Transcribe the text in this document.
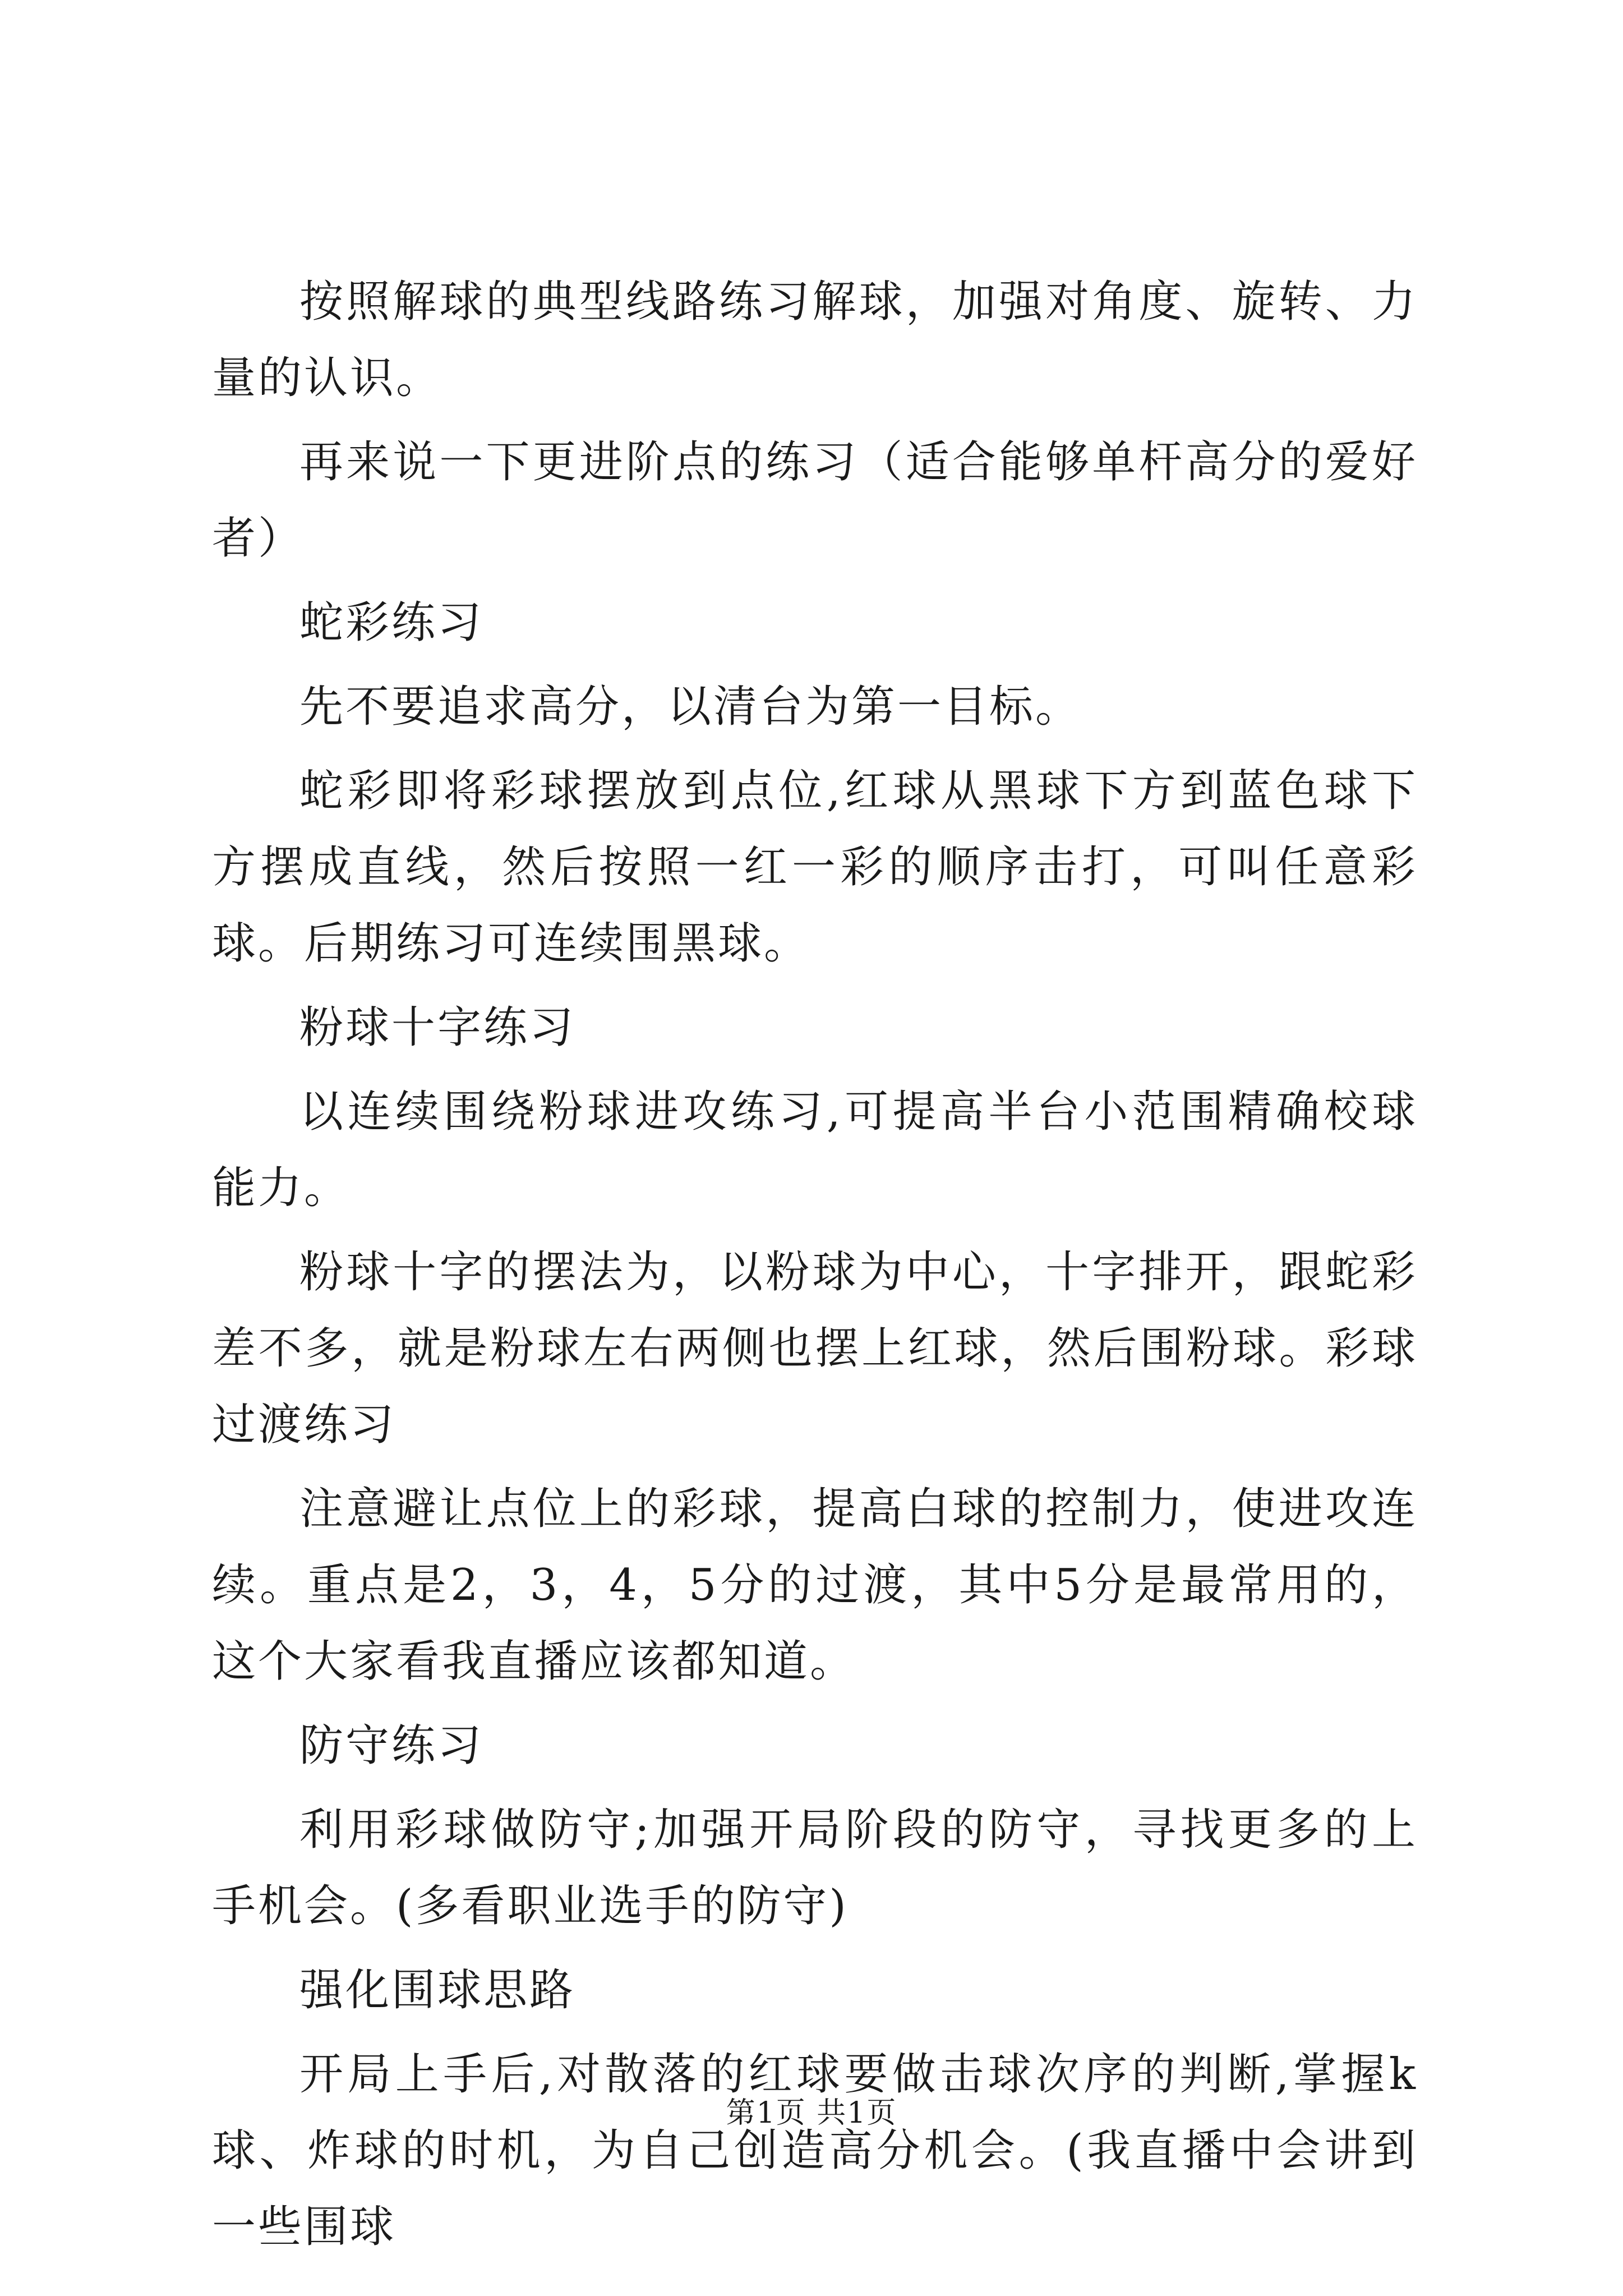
按照解球的典型线路练习解球，加强对角度、旋转、力量的认识。

再来说一下更进阶点的练习（适合能够单杆高分的爱好者）

蛇彩练习

先不要追求高分，以清台为第一目标。

蛇彩即将彩球摆放到点位,红球从黑球下方到蓝色球下方摆成直线，然后按照一红一彩的顺序击打，可叫任意彩球。后期练习可连续围黑球。

粉球十字练习

以连续围绕粉球进攻练习,可提高半台小范围精确校球能力。

粉球十字的摆法为，以粉球为中心，十字排开，跟蛇彩差不多，就是粉球左右两侧也摆上红球，然后围粉球。彩球过渡练习

注意避让点位上的彩球，提高白球的控制力，使进攻连续。重点是2，3，4，5分的过渡，其中5分是最常用的，这个大家看我直播应该都知道。

防守练习

利用彩球做防守;加强开局阶段的防守，寻找更多的上手机会。(多看职业选手的防守)

强化围球思路

开局上手后,对散落的红球要做击球次序的判断,掌握k球、炸球的时机，为自己创造高分机会。(我直播中会讲到一些围球

第1页 共1页
